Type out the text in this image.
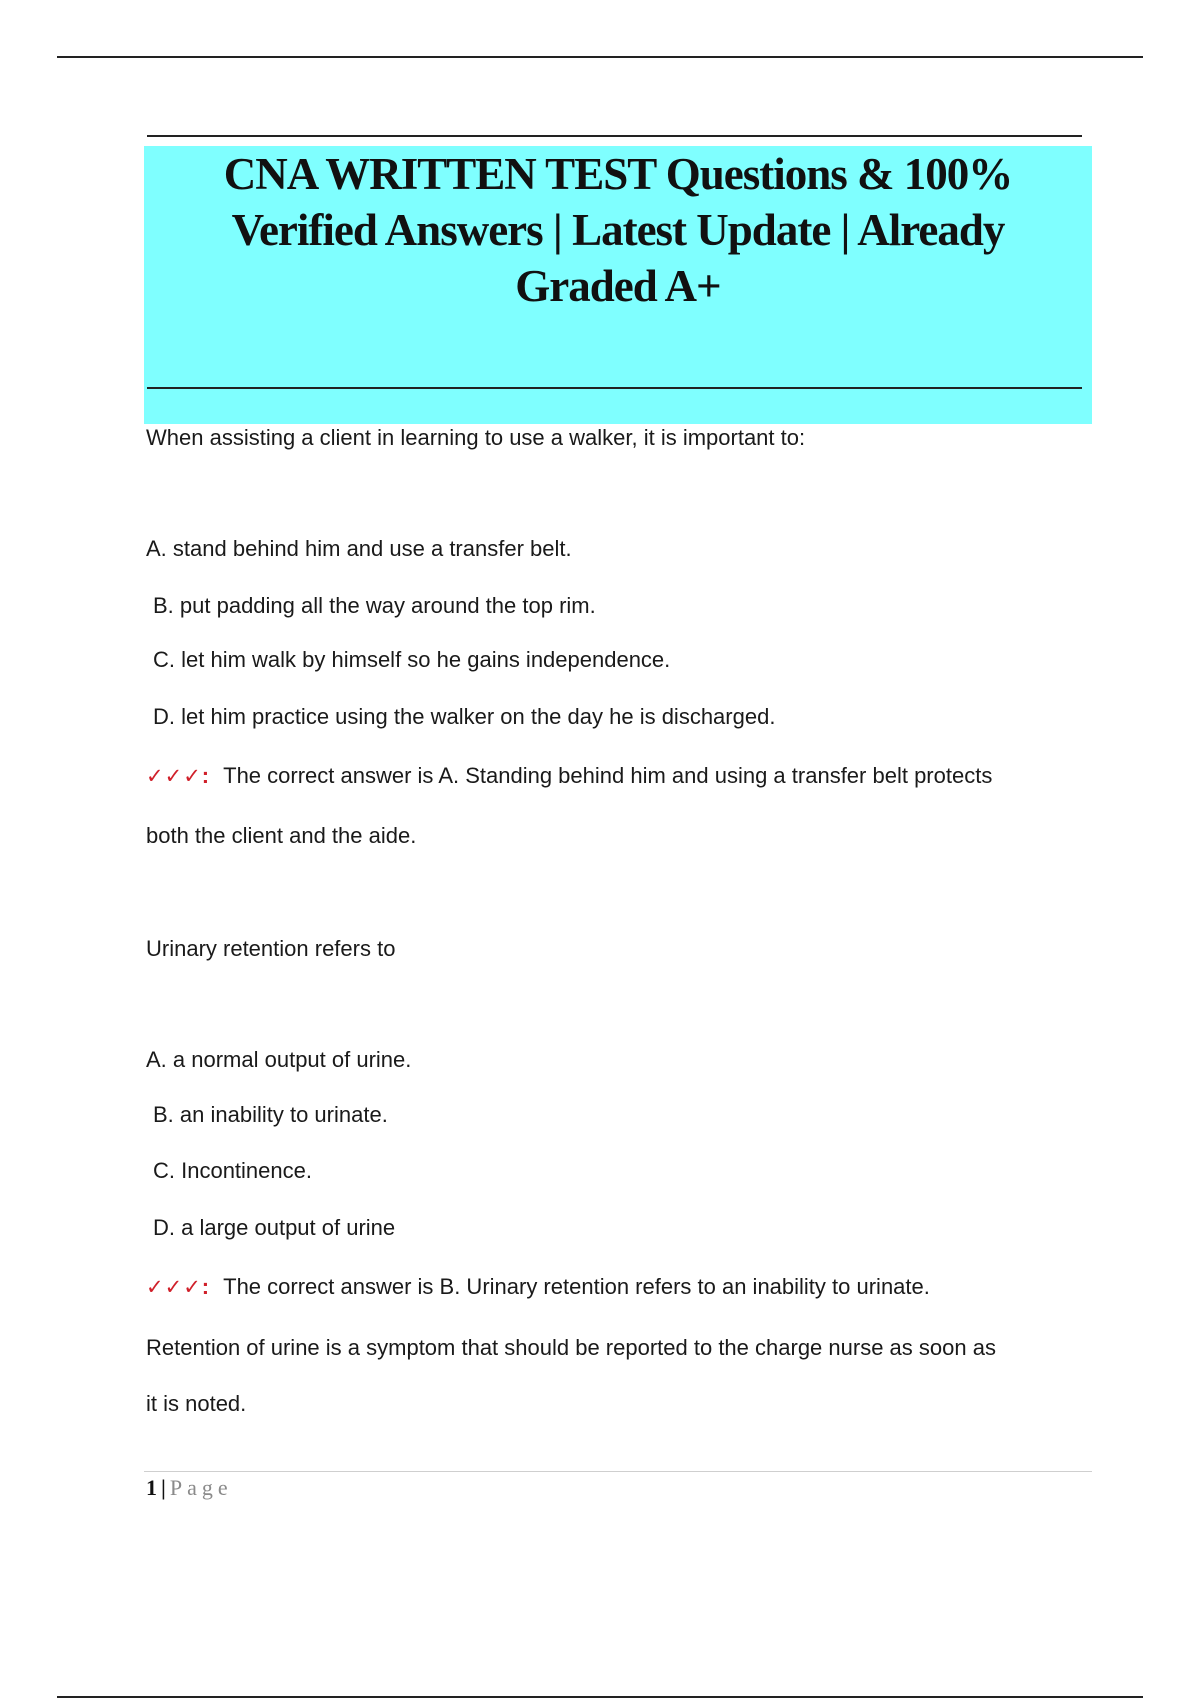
CNA WRITTEN TEST Questions & 100%
Verified Answers | Latest Update | Already
Graded A+
When assisting a client in learning to use a walker, it is important to:
A. stand behind him and use a transfer belt.
B. put padding all the way around the top rim.
C. let him walk by himself so he gains independence.
D. let him practice using the walker on the day he is discharged.
✓✓✓: The correct answer is A. Standing behind him and using a transfer belt protects
both the client and the aide.
Urinary retention refers to
A. a normal output of urine.
B. an inability to urinate.
C. Incontinence.
D. a large output of urine
✓✓✓: The correct answer is B. Urinary retention refers to an inability to urinate.
Retention of urine is a symptom that should be reported to the charge nurse as soon as
it is noted.
1 | Page
